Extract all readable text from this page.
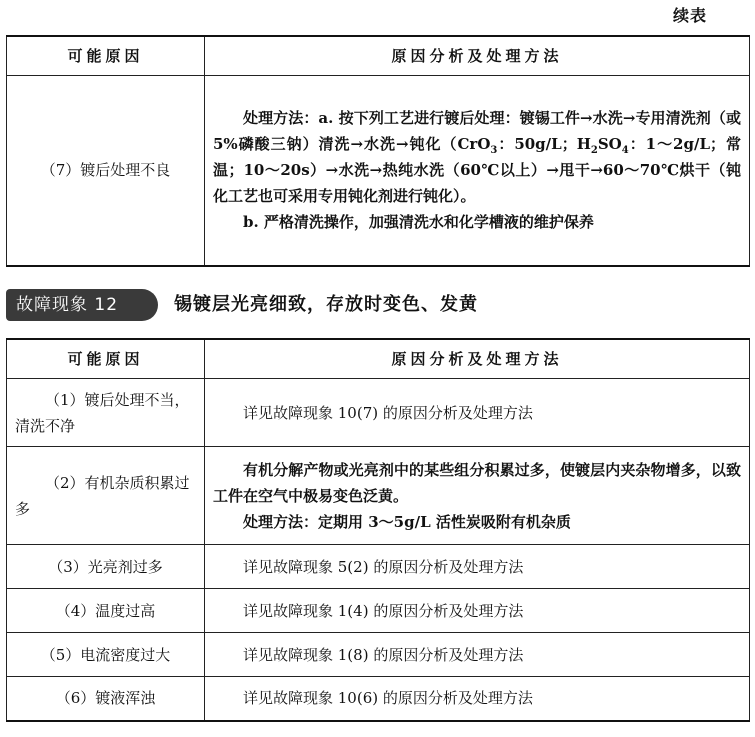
续表
可能原因	原因分析及处理方法
（7）镀后处理不良	处理方法：a. 按下列工艺进行镀后处理：镀锡工件→水洗→专用清洗剂（或 5%磷酸三钠）清洗→水洗→钝化（CrO$_3$：50g/L；$H_2SO_4$：1～2g/L；常温；10～20s）→水洗→热纯水洗（60℃以上）→甩干→60～70℃烘干（钝化工艺也可采用专用钝化剂进行钝化）。
b. 严格清洗操作，加强清洗水和化学槽液的维护保养
故障现象 12	锡镀层光亮细致，存放时变色、发黄
可能原因	原因分析及处理方法
（1）镀后处理不当，清洗不净	详见故障现象 10(7) 的原因分析及处理方法
（2）有机杂质积累过多	有机分解产物或光亮剂中的某些组分积累过多，使镀层内夹杂物增多，以致工件在空气中极易变色泛黄。
处理方法：定期用 3～5g/L 活性炭吸附有机杂质

（3）光亮剂过多	详见故障现象 5(2) 的原因分析及处理方法
（4）温度过高	详见故障现象 1(4) 的原因分析及处理方法
（5）电流密度过大	详见故障现象 1(8) 的原因分析及处理方法
（6）镀液浑浊	详见故障现象 10(6) 的原因分析及处理方法
